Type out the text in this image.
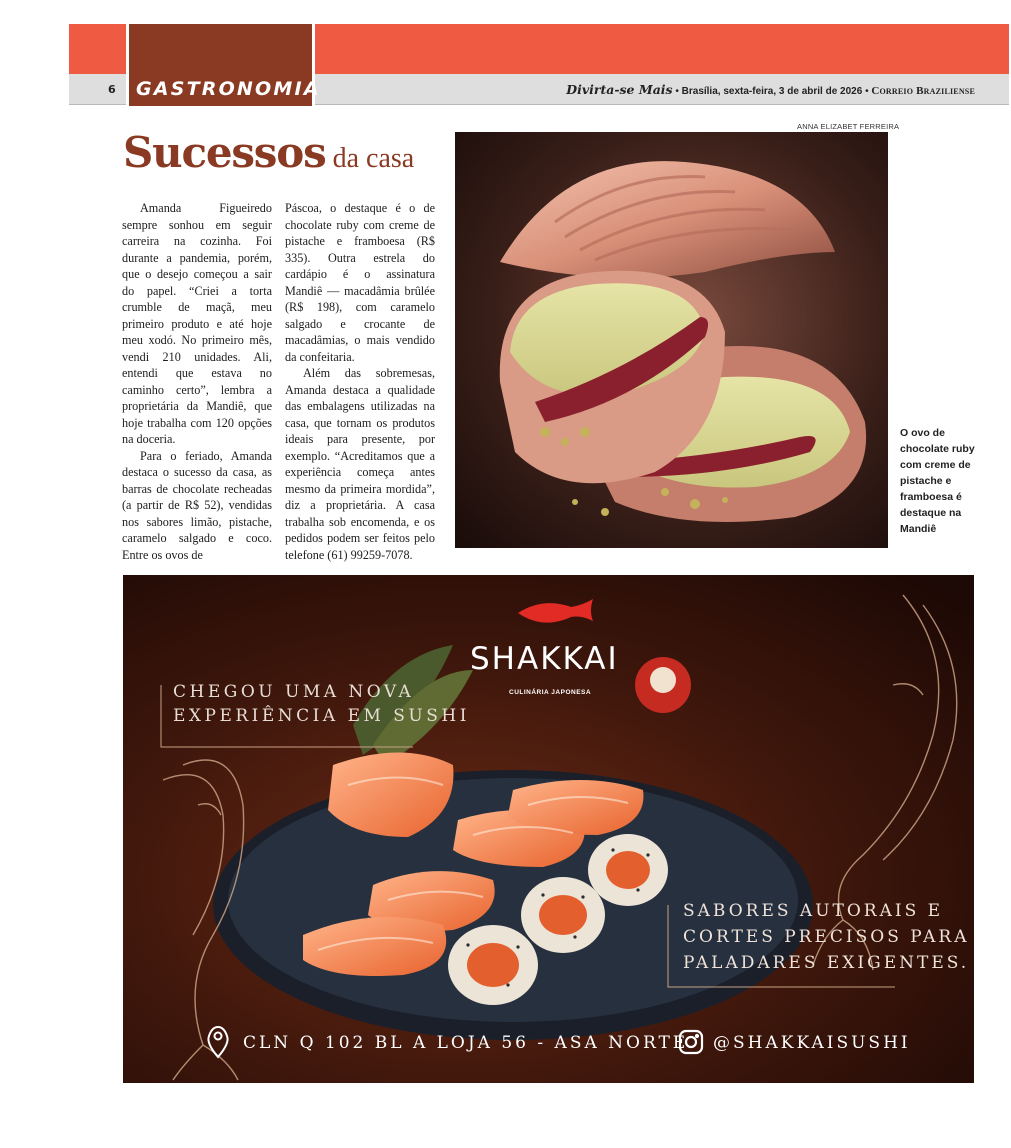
GASTRONOMIA
6	Divirta-se Mais • Brasília, sexta-feira, 3 de abril de 2026 • Correio Braziliense
Sucessos da casa

Amanda Figueiredo sempre sonhou em seguir carreira na cozinha. Foi durante a pandemia, porém, que o desejo começou a sair do papel. “Criei a torta crumble de maçã, meu primeiro produto e até hoje meu xodó. No primeiro mês, vendi 210 unidades. Ali, entendi que estava no caminho certo”, lembra a proprietária da Mandiê, que hoje trabalha com 120 opções na doceria.

Para o feriado, Amanda destaca o sucesso da casa, as barras de chocolate recheadas (a partir de R$ 52), vendidas nos sabores limão, pistache, caramelo salgado e coco. Entre os ovos de

Páscoa, o destaque é o de chocolate ruby com creme de pistache e framboesa (R$ 335). Outra estrela do cardápio é o assinatura Mandiê — macadâmia brûlée (R$ 198), com caramelo salgado e crocante de macadâmias, o mais vendido da confeitaria.

Além das sobremesas, Amanda destaca a qualidade das embalagens utilizadas na casa, que tornam os produtos ideais para presente, por exemplo. “Acreditamos que a experiência começa antes mesmo da primeira mordida”, diz a proprietária. A casa trabalha sob encomenda, e os pedidos podem ser feitos pelo telefone (61) 99259-7078.

ANNA ELIZABET FERREIRA
O ovo de chocolate ruby com creme de pistache e framboesa é destaque na Mandiê
SHAKKAI
CULINÁRIA JAPONESA
CHEGOU UMA NOVA
EXPERIÊNCIA EM SUSHI
SABORES AUTORAIS E
CORTES PRECISOS PARA
PALADARES EXIGENTES.
CLN Q 102 BL A LOJA 56 - ASA NORTE @SHAKKAISUSHI
